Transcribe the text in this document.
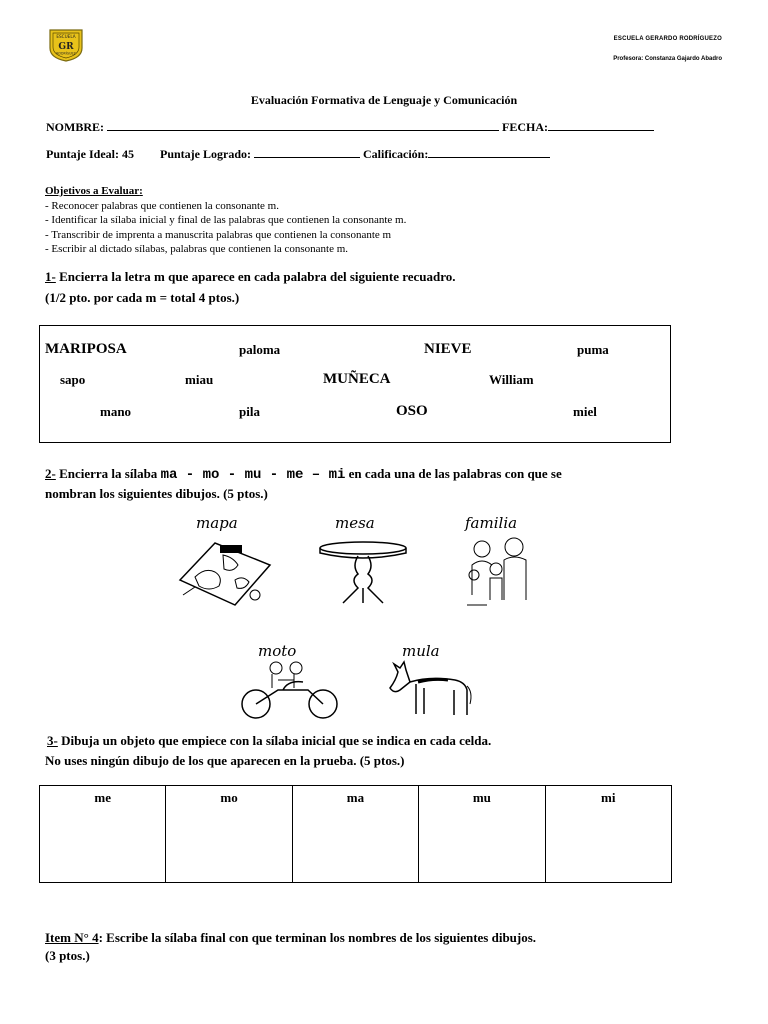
ESCUELA
GR
RODRÍGUEZ
ESCUELA GERARDO RODRÍGUEZO
Profesora: Constanza Gajardo Abadro
Evaluación Formativa de Lenguaje y Comunicación
NOMBRE:	FECHA:
Puntaje Ideal: 45 Puntaje Logrado:	Calificación:
Objetivos a Evaluar:
- Reconocer palabras que contienen la consonante m.
- Identificar la sílaba inicial y final de las palabras que contienen la consonante m.
- Transcribir de imprenta a manuscrita palabras que contienen la consonante m
- Escribir al dictado sílabas, palabras que contienen la consonante m.
1- Encierra la letra m que aparece en cada palabra del siguiente recuadro.
(1/2 pto. por cada m = total 4 ptos.)
MARIPOSA	paloma	NIEVE	puma
sapo	miau	MUÑECA	William
mano	pila	OSO	miel
2- Encierra la sílaba ma - mo - mu - me – mi en cada una de las palabras con que se
nombran los siguientes dibujos. (5 ptos.)
mapa	mesa	familia
moto	mula
3- Dibuja un objeto que empiece con la sílaba inicial que se indica en cada celda.
No uses ningún dibujo de los que aparecen en la prueba. (5 ptos.)
me	mo	ma	mu	mi
Item N° 4: Escribe la sílaba final con que terminan los nombres de los siguientes dibujos.
(3 ptos.)
